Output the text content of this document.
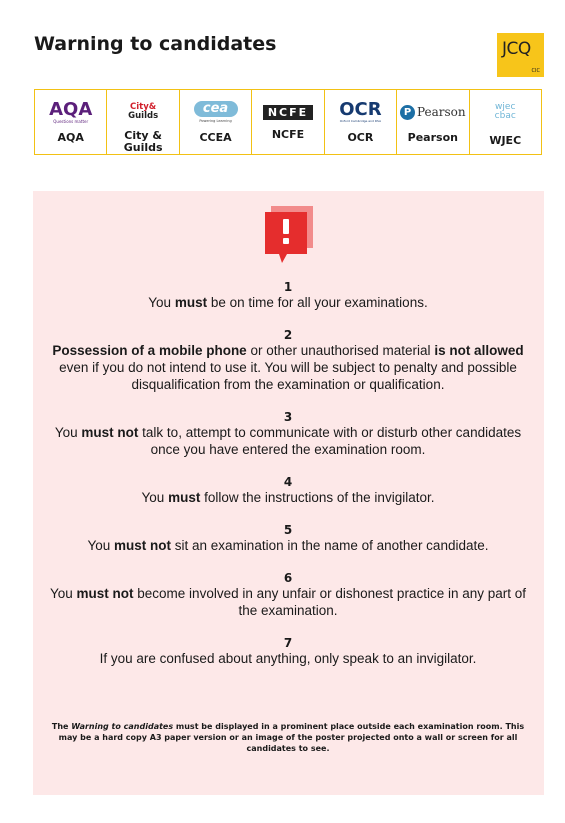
Warning to candidates	JCQ
CIC
AQA
Questions matter
AQA
City&
Guilds
City & Guilds
cea
Powering Learning
CCEA
NCFE
NCFE
OCR
Oxford Cambridge and RSA
OCR
P Pearson
Pearson
wjec
cbac
WJEC
1
You must be on time for all your examinations.
2
Possession of a mobile phone or other unauthorised material is not allowed even if you do not intend to use it. You will be subject to penalty and possible disqualification from the examination or qualification.
3
You must not talk to, attempt to communicate with or disturb other candidates once you have entered the examination room.
4
You must follow the instructions of the invigilator.
5
You must not sit an examination in the name of another candidate.
6
You must not become involved in any unfair or dishonest practice in any part of the examination.
7
If you are confused about anything, only speak to an invigilator.
The Warning to candidates must be displayed in a prominent place outside each examination room. This may be a hard copy A3 paper version or an image of the poster projected onto a wall or screen for all candidates to see.
